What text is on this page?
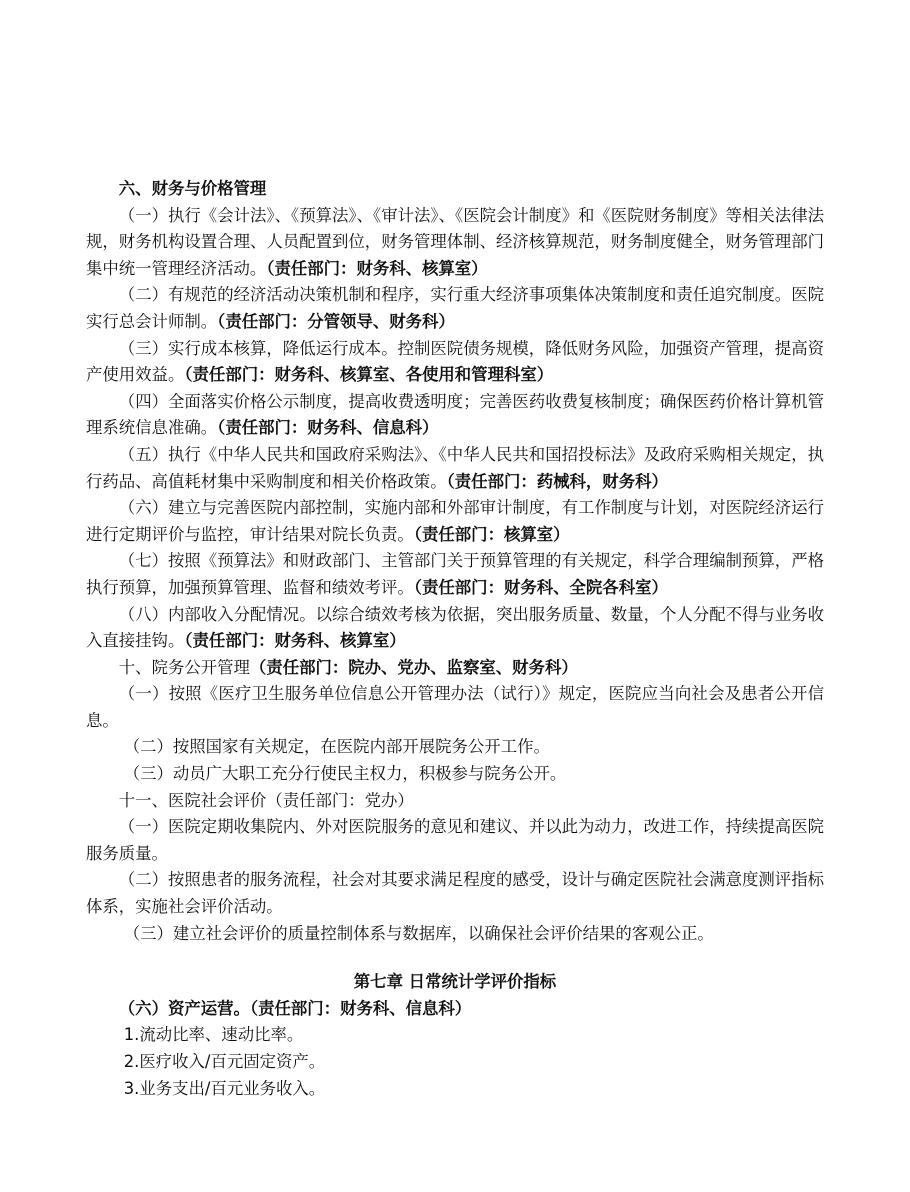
六、财务与价格管理

（一）执行《会计法》、《预算法》、《审计法》、《医院会计制度》和《医院财务制度》等相关法律法规，财务机构设置合理、人员配置到位，财务管理体制、经济核算规范，财务制度健全，财务管理部门集中统一管理经济活动。（责任部门：财务科、核算室）

（二）有规范的经济活动决策机制和程序，实行重大经济事项集体决策制度和责任追究制度。医院实行总会计师制。（责任部门：分管领导、财务科）

（三）实行成本核算，降低运行成本。控制医院债务规模，降低财务风险，加强资产管理，提高资产使用效益。（责任部门：财务科、核算室、各使用和管理科室）

（四）全面落实价格公示制度，提高收费透明度；完善医药收费复核制度；确保医药价格计算机管理系统信息准确。（责任部门：财务科、信息科）

（五）执行《中华人民共和国政府采购法》、《中华人民共和国招投标法》及政府采购相关规定，执行药品、高值耗材集中采购制度和相关价格政策。（责任部门：药械科，财务科）

（六）建立与完善医院内部控制，实施内部和外部审计制度，有工作制度与计划，对医院经济运行进行定期评价与监控，审计结果对院长负责。（责任部门：核算室）

（七）按照《预算法》和财政部门、主管部门关于预算管理的有关规定，科学合理编制预算，严格执行预算，加强预算管理、监督和绩效考评。（责任部门：财务科、全院各科室）

（八）内部收入分配情况。以综合绩效考核为依据，突出服务质量、数量，个人分配不得与业务收入直接挂钩。（责任部门：财务科、核算室）

十、院务公开管理（责任部门：院办、党办、监察室、财务科）

（一）按照《医疗卫生服务单位信息公开管理办法（试行）》规定，医院应当向社会及患者公开信息。

（二）按照国家有关规定，在医院内部开展院务公开工作。

（三）动员广大职工充分行使民主权力，积极参与院务公开。

十一、医院社会评价（责任部门：党办）

（一）医院定期收集院内、外对医院服务的意见和建议、并以此为动力，改进工作，持续提高医院服务质量。

（二）按照患者的服务流程，社会对其要求满足程度的感受，设计与确定医院社会满意度测评指标体系，实施社会评价活动。

（三）建立社会评价的质量控制体系与数据库，以确保社会评价结果的客观公正。

第七章 日常统计学评价指标

（六）资产运营。（责任部门：财务科、信息科）

1.流动比率、速动比率。

2.医疗收入/百元固定资产。

3.业务支出/百元业务收入。
